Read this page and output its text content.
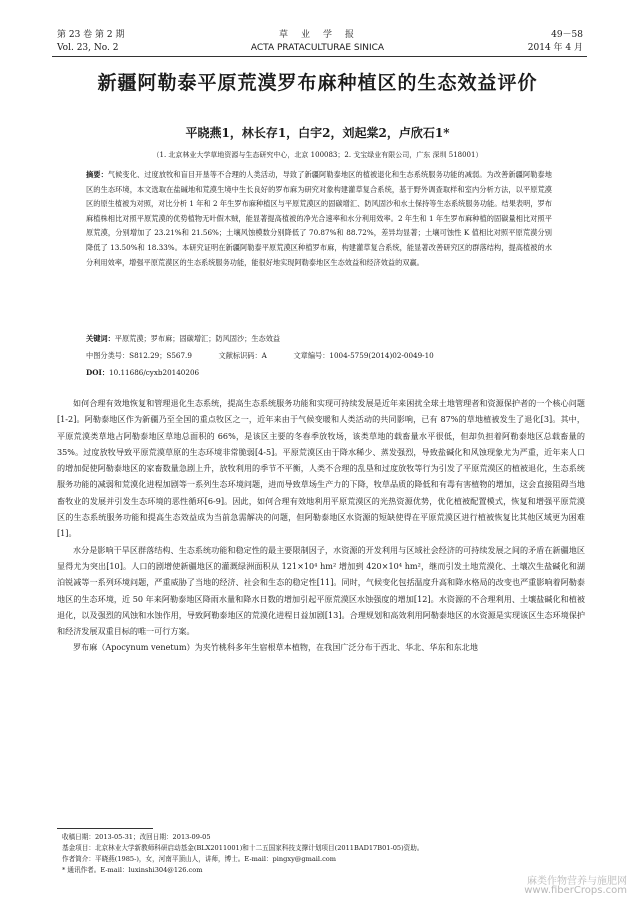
第 23 卷 第 2 期
Vol. 23, No. 2
草　业　学　报
ACTA PRATACULTURAE SINICA
49－58
2014 年 4 月
新疆阿勒泰平原荒漠罗布麻种植区的生态效益评价
平晓燕1，林长存1，白宇2，刘起棠2，卢欣石1*
（1. 北京林业大学草地资源与生态研究中心，北京 100083；2. 戈宝绿业有限公司，广东 深圳 518001）

摘要：气候变化、过度放牧和盲目开垦等不合理的人类活动，导致了新疆阿勒泰地区的植被退化和生态系统服务功能的减弱。为改善新疆阿勒泰地区的生态环境，本文选取在盐碱地和荒漠生境中生长良好的罗布麻为研究对象构建灌草复合系统，基于野外调查取样和室内分析方法，以平原荒漠区的原生植被为对照，对比分析 1 年和 2 年生罗布麻种植区与平原荒漠区的固碳增汇、防风固沙和水土保持等生态系统服务功能。结果表明，罗布麻植株相比对照平原荒漠的优势植物无叶假木贼，能显著提高植被的净光合速率和水分利用效率。2 年生和 1 年生罗布麻种植的固碳量相比对照平原荒漠，分别增加了 23.21%和 21.56%；土壤风蚀模数分别降低了 70.87%和 88.72%，差异均显著；土壤可蚀性 K 值相比对照平原荒漠分别降低了 13.50%和 18.33%。本研究证明在新疆阿勒泰平原荒漠区种植罗布麻，构建灌草复合系统，能显著改善研究区的群落结构，提高植被的水分利用效率，增强平原荒漠区的生态系统服务功能，能很好地实现阿勒泰地区生态效益和经济效益的双赢。

关键词：平原荒漠；罗布麻；固碳增汇；防风固沙；生态效益
中图分类号：S812.29；S567.9	文献标识码：A	文章编号：1004-5759(2014)02-0049-10
DOI：10.11686/cyxb20140206

如何合理有效地恢复和管理退化生态系统，提高生态系统服务功能和实现可持续发展是近年来困扰全球土地管理者和资源保护者的一个核心问题[1-2]。阿勒泰地区作为新疆乃至全国的重点牧区之一，近年来由于气候变暖和人类活动的共同影响，已有 87%的草地植被发生了退化[3]。其中，平原荒漠类草地占阿勒泰地区草地总面积的 66%，是该区主要的冬春季放牧场，该类草地的载畜量水平很低，但却负担着阿勒泰地区总载畜量的 35%。过度放牧导致平原荒漠草原的生态环境非常脆弱[4-5]。平原荒漠区由于降水稀少、蒸发强烈，导致盐碱化和风蚀现象尤为严重，近年来人口的增加促使阿勒泰地区的家畜数量急剧上升，放牧利用的季节不平衡，人类不合理的乱垦和过度放牧等行为引发了平原荒漠区的植被退化，生态系统服务功能的减弱和荒漠化进程加剧等一系列生态环境问题，进而导致草场生产力的下降，牧草品质的降低和有毒有害植物的增加，这会直接阻碍当地畜牧业的发展并引发生态环境的恶性循环[6-9]。因此，如何合理有效地利用平原荒漠区的光热资源优势，优化植被配置模式，恢复和增强平原荒漠区的生态系统服务功能和提高生态效益成为当前急需解决的问题，但阿勒泰地区水资源的短缺使得在平原荒漠区进行植被恢复比其他区域更为困难[1]。

水分是影响干旱区群落结构、生态系统功能和稳定性的最主要限制因子，水资源的开发利用与区域社会经济的可持续发展之间的矛盾在新疆地区显得尤为突出[10]。人口的剧增使新疆地区的灌溉绿洲面积从 121×10⁴ hm² 增加到 420×10⁴ hm²，继而引发土地荒漠化、土壤次生盐碱化和湖泊锐减等一系列环境问题，严重威胁了当地的经济、社会和生态的稳定性[11]。同时，气候变化包括温度升高和降水格局的改变也严重影响着阿勒泰地区的生态环境，近 50 年来阿勒泰地区降雨水量和降水日数的增加引起平原荒漠区水蚀强度的增加[12]。水资源的不合理利用、土壤盐碱化和植被退化，以及强烈的风蚀和水蚀作用，导致阿勒泰地区的荒漠化进程日益加剧[13]。合理规划和高效利用阿勒泰地区的水资源是实现该区生态环境保护和经济发展双重目标的唯一可行方案。

罗布麻（Apocynum venetum）为夹竹桃科多年生宿根草本植物，在我国广泛分布于西北、华北、华东和东北地

收稿日期：2013-05-31；改回日期：2013-09-05
基金项目：北京林业大学新教师科研启动基金(BLX2011001)和十二五国家科技支撑计划项目(2011BAD17B01-05)资助。
作者简介：平晓燕(1985-)，女，河南平顶山人，讲师，博士。E-mail：pingxy@gmail.com
* 通讯作者。E-mail：luxinshi304@126.com
麻类作物营养与施肥网
www.fiberCrops.com
